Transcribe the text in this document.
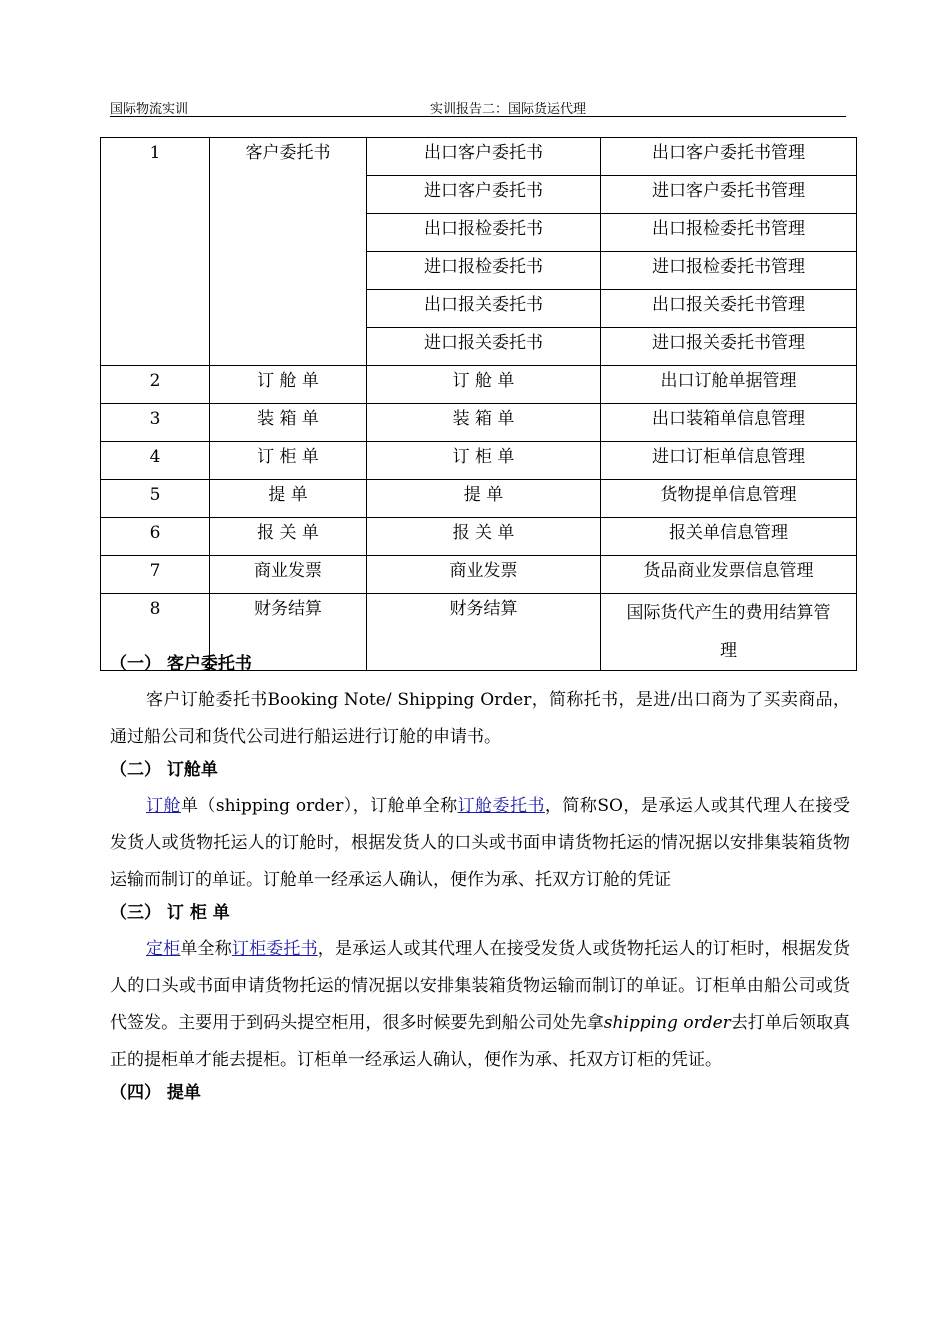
国际物流实训	实训报告二：国际货运代理
1	客户委托书	出口客户委托书	出口客户委托书管理
		进口客户委托书	进口客户委托书管理
		出口报检委托书	出口报检委托书管理
		进口报检委托书	进口报检委托书管理
		出口报关委托书	出口报关委托书管理
		进口报关委托书	进口报关委托书管理
2	订 舱 单	订 舱 单	出口订舱单据管理
3	装 箱 单	装 箱 单	出口装箱单信息管理
4	订 柜 单	订 柜 单	进口订柜单信息管理
5	提 单	提 单	货物提单信息管理
6	报 关 单	报 关 单	报关单信息管理
7	商业发票	商业发票	货品商业发票信息管理
8	财务结算	财务结算	国际货代产生的费用结算管
理
（一） 客户委托书

客户订舱委托书Booking Note/ Shipping Order，简称托书，是进/出口商为了买卖商品，通过船公司和货代公司进行船运进行订舱的申请书。

（二） 订舱单

订舱单（shipping order），订舱单全称订舱委托书，简称SO，是承运人或其代理人在接受发货人或货物托运人的订舱时，根据发货人的口头或书面申请货物托运的情况据以安排集装箱货物运输而制订的单证。订舱单一经承运人确认，便作为承、托双方订舱的凭证

（三） 订 柜 单

定柜单全称订柜委托书，是承运人或其代理人在接受发货人或货物托运人的订柜时，根据发货人的口头或书面申请货物托运的情况据以安排集装箱货物运输而制订的单证。订柜单由船公司或货代签发。主要用于到码头提空柜用，很多时候要先到船公司处先拿shipping order去打单后领取真正的提柜单才能去提柜。订柜单一经承运人确认，便作为承、托双方订柜的凭证。

（四） 提单
